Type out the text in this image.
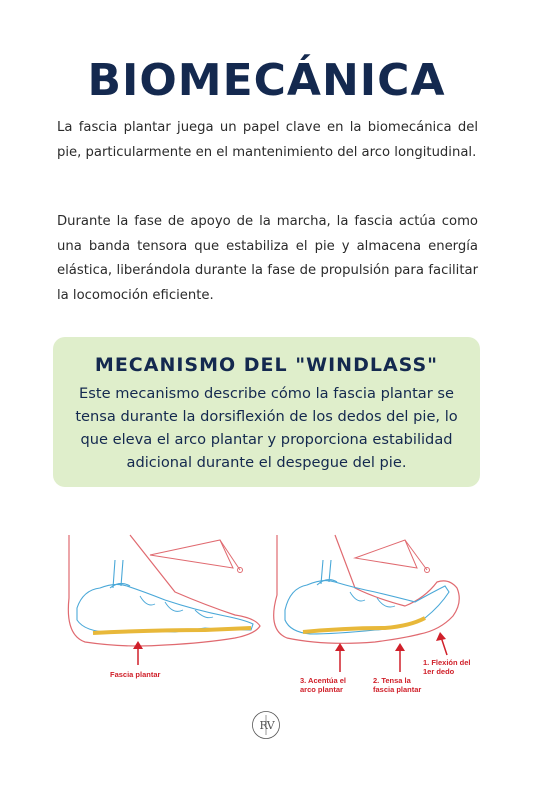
BIOMECÁNICA

La fascia plantar juega un papel clave en la biomecánica del pie, particularmente en el mantenimiento del arco longitudinal.

Durante la fase de apoyo de la marcha, la fascia actúa como una banda tensora que estabiliza el pie y almacena energía elástica, liberándola durante la fase de propulsión para facilitar la locomoción eficiente.

MECANISMO DEL "WINDLASS"
Este mecanismo describe cómo la fascia plantar se tensa durante la dorsiflexión de los dedos del pie, lo que eleva el arco plantar y proporciona estabilidad adicional durante el despegue del pie.
Fascia plantar
3. Acentúa el
arco plantar
2. Tensa la
fascia plantar
1. Flexión del
1er dedo
R V
